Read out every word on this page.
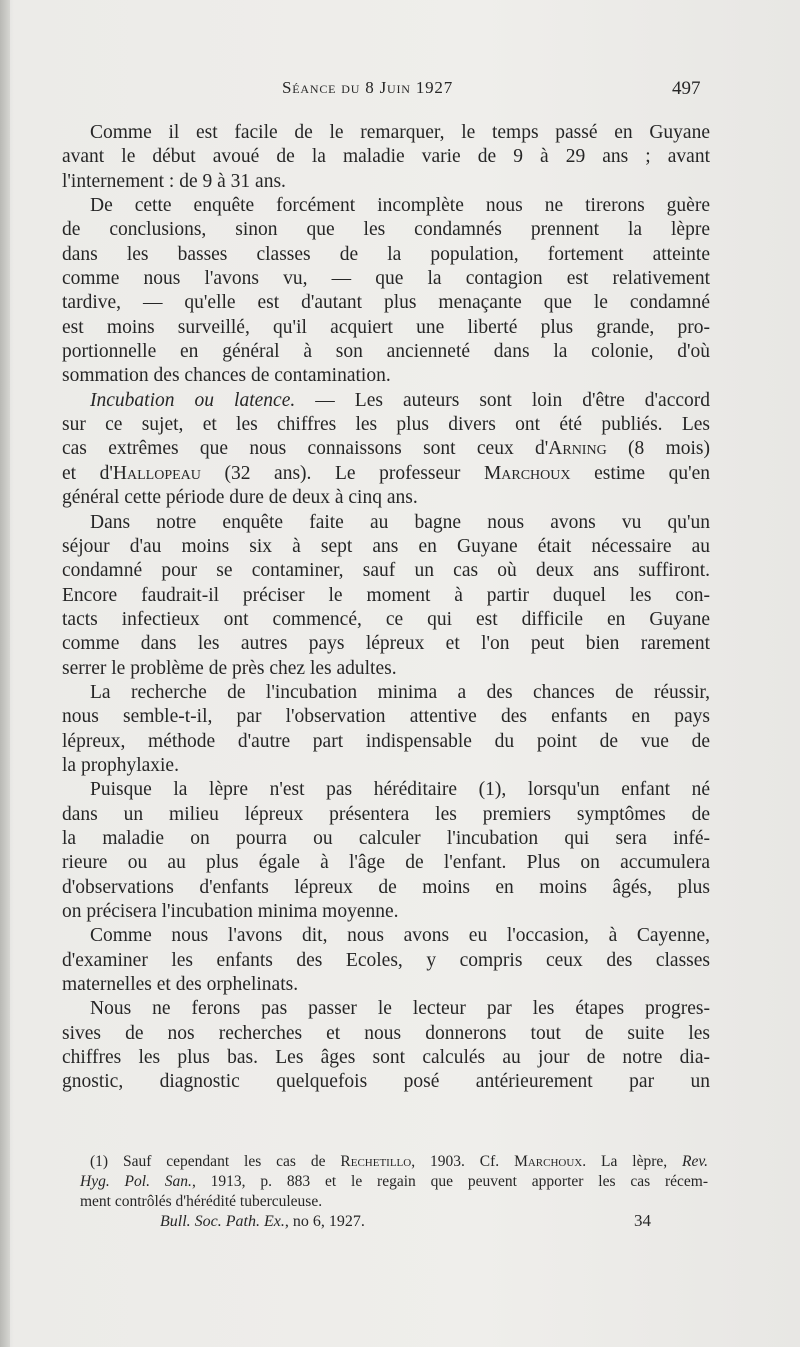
Séance du 8 Juin 1927	497
Comme il est facile de le remarquer, le temps passé en Guyane
avant le début avoué de la maladie varie de 9 à 29 ans ; avant
l'internement : de 9 à 31 ans.
De cette enquête forcément incomplète nous ne tirerons guère
de conclusions, sinon que les condamnés prennent la lèpre
dans les basses classes de la population, fortement atteinte
comme nous l'avons vu, — que la contagion est relativement
tardive, — qu'elle est d'autant plus menaçante que le condamné
est moins surveillé, qu'il acquiert une liberté plus grande, pro-
portionnelle en général à son ancienneté dans la colonie, d'où
sommation des chances de contamination.
Incubation ou latence. — Les auteurs sont loin d'être d'accord
sur ce sujet, et les chiffres les plus divers ont été publiés. Les
cas extrêmes que nous connaissons sont ceux d'Arning (8 mois)
et d'Hallopeau (32 ans). Le professeur Marchoux estime qu'en
général cette période dure de deux à cinq ans.
Dans notre enquête faite au bagne nous avons vu qu'un
séjour d'au moins six à sept ans en Guyane était nécessaire au
condamné pour se contaminer, sauf un cas où deux ans suffiront.
Encore faudrait-il préciser le moment à partir duquel les con-
tacts infectieux ont commencé, ce qui est difficile en Guyane
comme dans les autres pays lépreux et l'on peut bien rarement
serrer le problème de près chez les adultes.
La recherche de l'incubation minima a des chances de réussir,
nous semble-t-il, par l'observation attentive des enfants en pays
lépreux, méthode d'autre part indispensable du point de vue de
la prophylaxie.
Puisque la lèpre n'est pas héréditaire (1), lorsqu'un enfant né
dans un milieu lépreux présentera les premiers symptômes de
la maladie on pourra ou calculer l'incubation qui sera infé-
rieure ou au plus égale à l'âge de l'enfant. Plus on accumulera
d'observations d'enfants lépreux de moins en moins âgés, plus
on précisera l'incubation minima moyenne.
Comme nous l'avons dit, nous avons eu l'occasion, à Cayenne,
d'examiner les enfants des Ecoles, y compris ceux des classes
maternelles et des orphelinats.
Nous ne ferons pas passer le lecteur par les étapes progres-
sives de nos recherches et nous donnerons tout de suite les
chiffres les plus bas. Les âges sont calculés au jour de notre dia-
gnostic, diagnostic quelquefois posé antérieurement par un
(1) Sauf cependant les cas de Rechetillo, 1903. Cf. Marchoux. La lèpre, Rev.
Hyg. Pol. San., 1913, p. 883 et le regain que peuvent apporter les cas récem-
ment contrôlés d'hérédité tuberculeuse.
Bull. Soc. Path. Ex., no 6, 1927.	34
